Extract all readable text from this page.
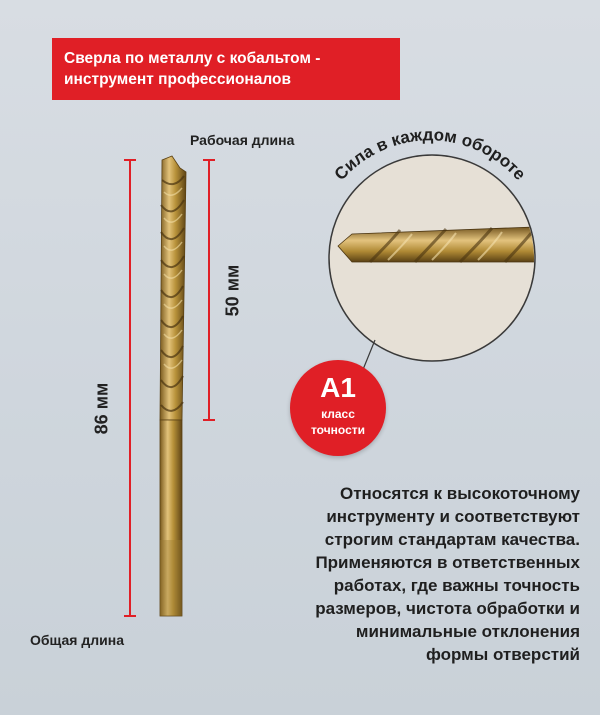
Сила в каждом обороте
Сверла по металлу с кобальтом -
инструмент профессионалов
Рабочая длина
Общая длина
50 мм
86 мм	A1
класс
точности
Относятся к высокоточному
инструменту и соответствуют
строгим стандартам качества.
Применяются в ответственных
работах, где важны точность
размеров, чистота обработки и
минимальные отклонения
формы отверстий
